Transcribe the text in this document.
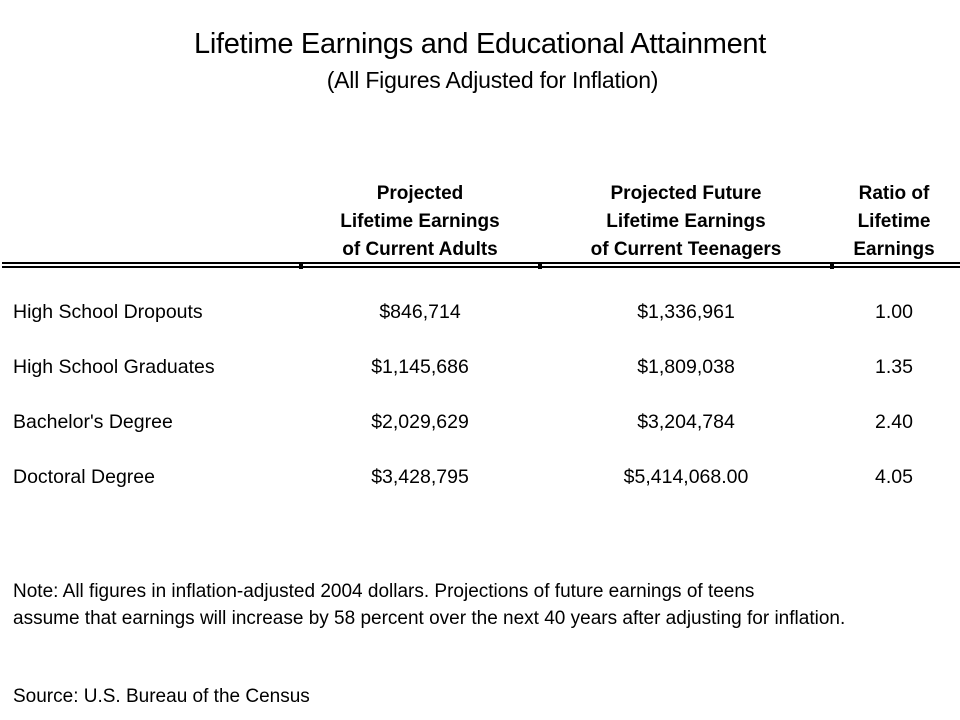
Lifetime Earnings and Educational Attainment
(All Figures Adjusted for Inflation)
Projected
Lifetime Earnings
of Current Adults
Projected Future
Lifetime Earnings
of Current Teenagers
Ratio of
Lifetime
Earnings
High School Dropouts	$846,714	$1,336,961	1.00
High School Graduates	$1,145,686	$1,809,038	1.35
Bachelor's Degree	$2,029,629	$3,204,784	2.40
Doctoral Degree	$3,428,795	$5,414,068.00	4.05

Note: All figures in inflation-adjusted 2004 dollars. Projections of future earnings of teens
assume that earnings will increase by 58 percent over the next 40 years after adjusting for inflation.

Source: U.S. Bureau of the Census
